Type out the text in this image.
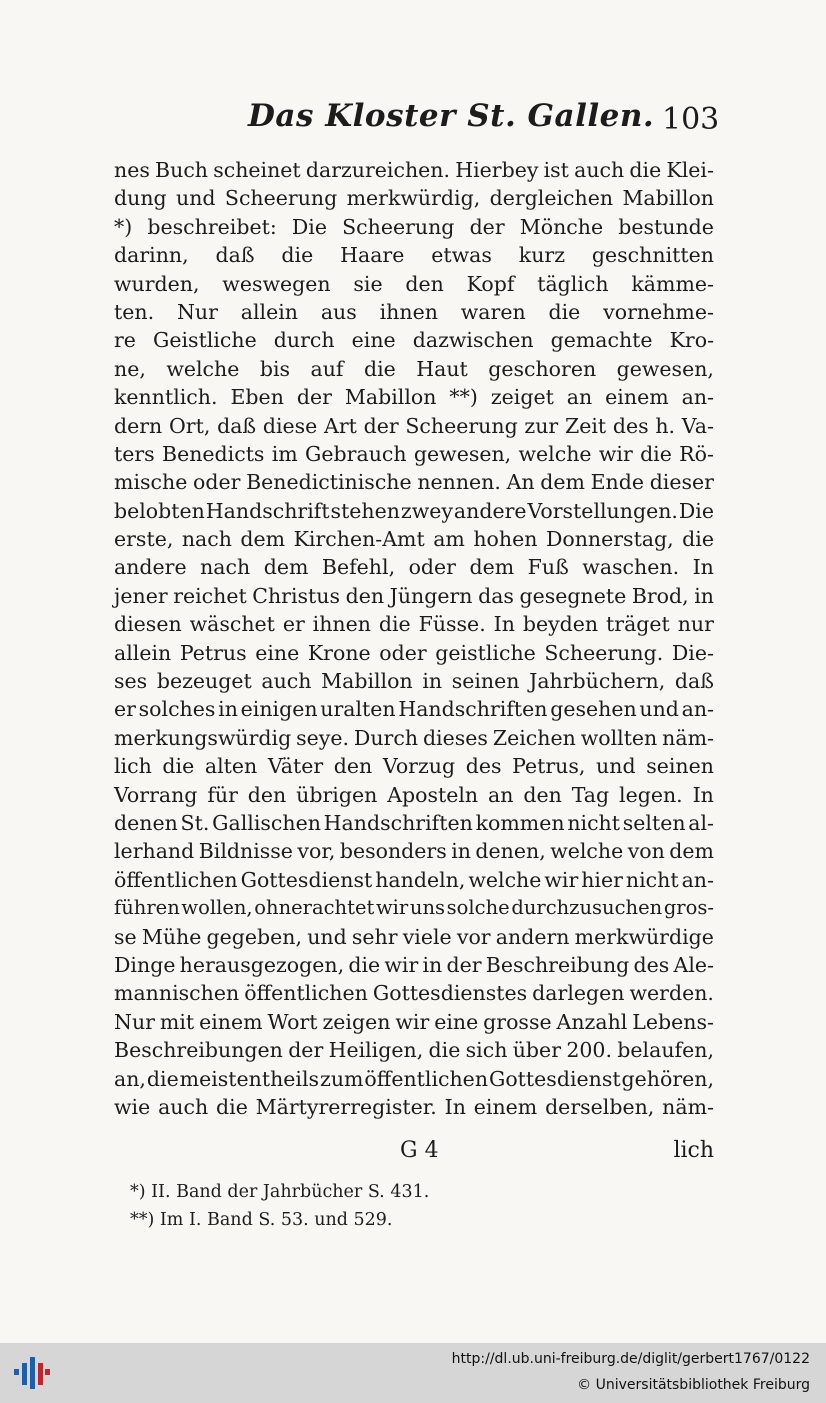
Das Kloster St. Gallen. 103
nes Buch scheinet darzureichen. Hierbey ist auch die Klei-
dung und Scheerung merkwürdig, dergleichen Mabillon
*) beschreibet: Die Scheerung der Mönche bestunde
darinn, daß die Haare etwas kurz geschnitten
wurden, weswegen sie den Kopf täglich kämme-
ten. Nur allein aus ihnen waren die vornehme-
re Geistliche durch eine dazwischen gemachte Kro-
ne, welche bis auf die Haut geschoren gewesen,
kenntlich. Eben der Mabillon **) zeiget an einem an-
dern Ort, daß diese Art der Scheerung zur Zeit des h. Va-
ters Benedicts im Gebrauch gewesen, welche wir die Rö-
mische oder Benedictinische nennen. An dem Ende dieser
belobten Handschrift stehen zwey andere Vorstellungen. Die
erste, nach dem Kirchen-Amt am hohen Donnerstag, die
andere nach dem Befehl, oder dem Fuß waschen. In
jener reichet Christus den Jüngern das gesegnete Brod, in
diesen wäschet er ihnen die Füsse. In beyden träget nur
allein Petrus eine Krone oder geistliche Scheerung. Die-
ses bezeuget auch Mabillon in seinen Jahrbüchern, daß
er solches in einigen uralten Handschriften gesehen und an-
merkungswürdig seye. Durch dieses Zeichen wollten näm-
lich die alten Väter den Vorzug des Petrus, und seinen
Vorrang für den übrigen Aposteln an den Tag legen. In
denen St. Gallischen Handschriften kommen nicht selten al-
lerhand Bildnisse vor, besonders in denen, welche von dem
öffentlichen Gottesdienst handeln, welche wir hier nicht an-
führen wollen, ohnerachtet wir uns solche durchzusuchen gros-
se Mühe gegeben, und sehr viele vor andern merkwürdige
Dinge herausgezogen, die wir in der Beschreibung des Ale-
mannischen öffentlichen Gottesdienstes darlegen werden.
Nur mit einem Wort zeigen wir eine grosse Anzahl Lebens-
Beschreibungen der Heiligen, die sich über 200. belaufen,
an, die meistentheils zum öffentlichen Gottesdienst gehören,
wie auch die Märtyrerregister. In einem derselben, näm-
G 4	lich
*) II. Band der Jahrbücher S. 431.
**) Im I. Band S. 53. und 529.
http://dl.ub.uni-freiburg.de/diglit/gerbert1767/0122
© Universitätsbibliothek Freiburg
